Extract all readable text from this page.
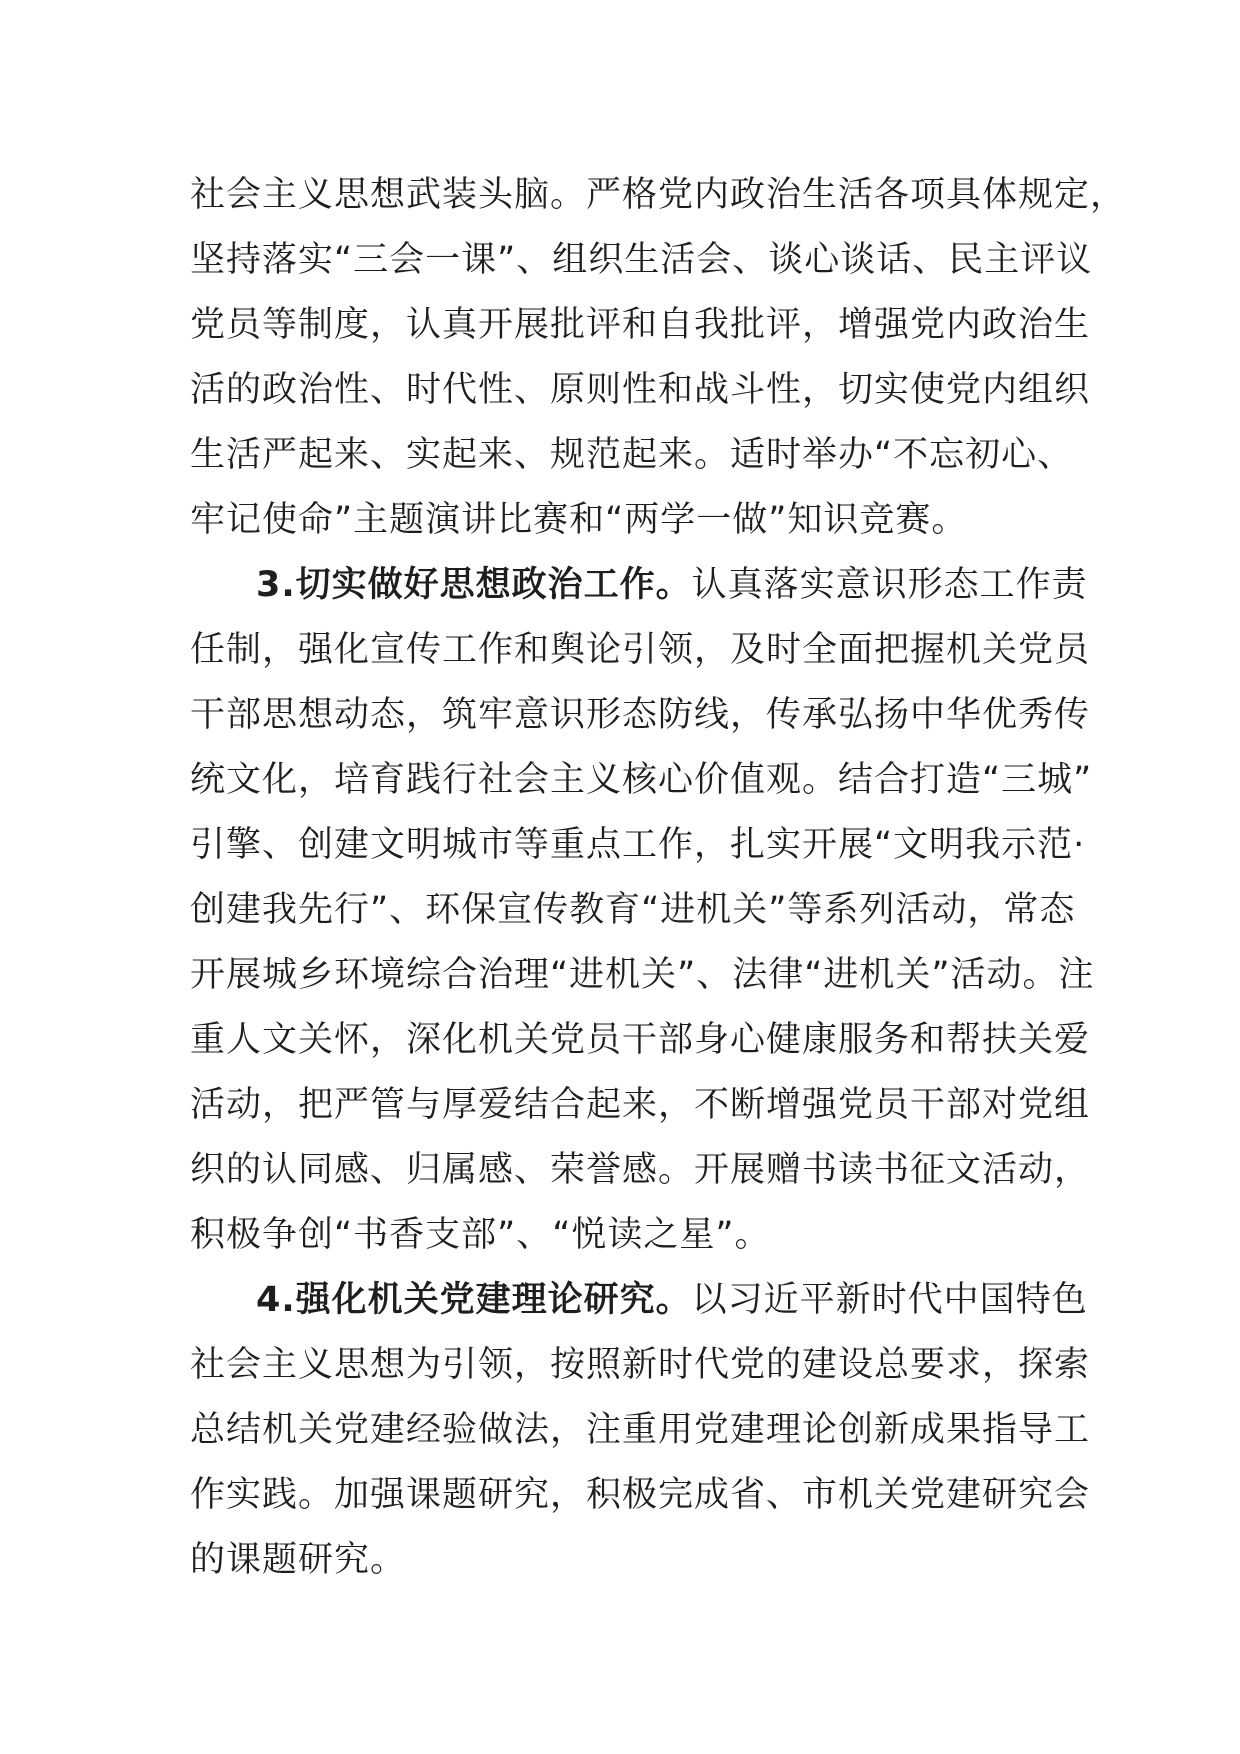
社会主义思想武装头脑。严格党内政治生活各项具体规定，
坚持落实“三会一课”、组织生活会、谈心谈话、民主评议
党员等制度，认真开展批评和自我批评，增强党内政治生
活的政治性、时代性、原则性和战斗性，切实使党内组织
生活严起来、实起来、规范起来。适时举办“不忘初心、
牢记使命”主题演讲比赛和“两学一做”知识竞赛。
3.切实做好思想政治工作。认真落实意识形态工作责
任制，强化宣传工作和舆论引领，及时全面把握机关党员
干部思想动态，筑牢意识形态防线，传承弘扬中华优秀传
统文化，培育践行社会主义核心价值观。结合打造“三城”
引擎、创建文明城市等重点工作，扎实开展“文明我示范·
创建我先行”、环保宣传教育“进机关”等系列活动，常态
开展城乡环境综合治理“进机关”、法律“进机关”活动。注
重人文关怀，深化机关党员干部身心健康服务和帮扶关爱
活动，把严管与厚爱结合起来，不断增强党员干部对党组
织的认同感、归属感、荣誉感。开展赠书读书征文活动，
积极争创“书香支部”、“悦读之星”。
4.强化机关党建理论研究。以习近平新时代中国特色
社会主义思想为引领，按照新时代党的建设总要求，探索
总结机关党建经验做法，注重用党建理论创新成果指导工
作实践。加强课题研究，积极完成省、市机关党建研究会
的课题研究。
